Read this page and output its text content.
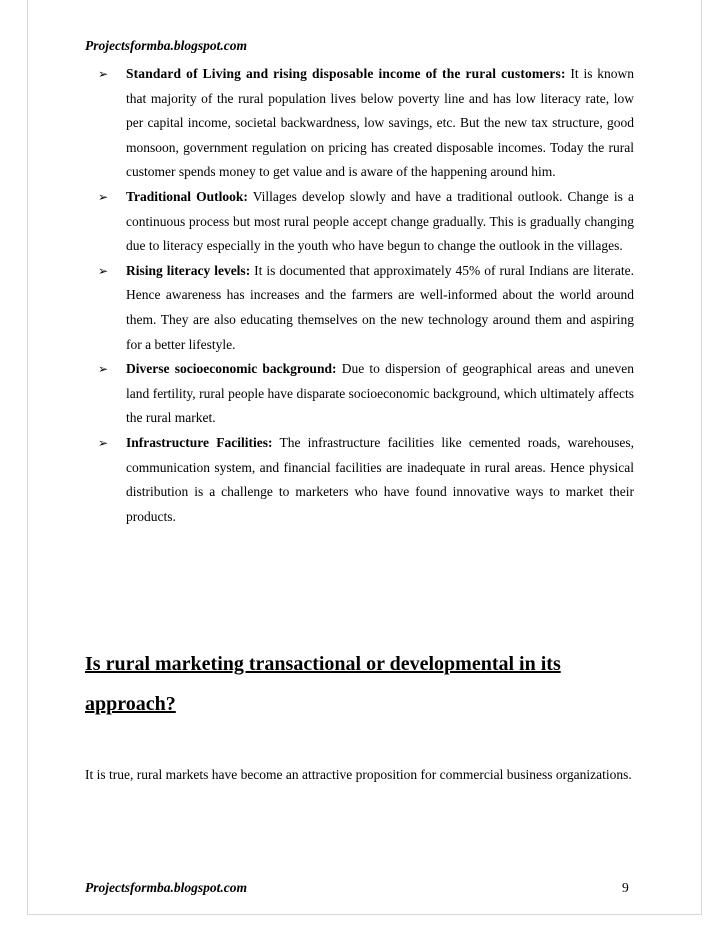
Projectsformba.blogspot.com
➢ Standard of Living and rising disposable income of the rural customers: It is known that majority of the rural population lives below poverty line and has low literacy rate, low per capital income, societal backwardness, low savings, etc. But the new tax structure, good monsoon, government regulation on pricing has created disposable incomes. Today the rural customer spends money to get value and is aware of the happening around him.
➢ Traditional Outlook: Villages develop slowly and have a traditional outlook. Change is a continuous process but most rural people accept change gradually. This is gradually changing due to literacy especially in the youth who have begun to change the outlook in the villages.
➢ Rising literacy levels: It is documented that approximately 45% of rural Indians are literate. Hence awareness has increases and the farmers are well-informed about the world around them. They are also educating themselves on the new technology around them and aspiring for a better lifestyle.
➢ Diverse socioeconomic background: Due to dispersion of geographical areas and uneven land fertility, rural people have disparate socioeconomic background, which ultimately affects the rural market.
➢ Infrastructure Facilities: The infrastructure facilities like cemented roads, warehouses, communication system, and financial facilities are inadequate in rural areas. Hence physical distribution is a challenge to marketers who have found innovative ways to market their products.
Is rural marketing transactional or developmental in its approach?
It is true, rural markets have become an attractive proposition for commercial business organizations.
Projectsformba.blogspot.com	9
